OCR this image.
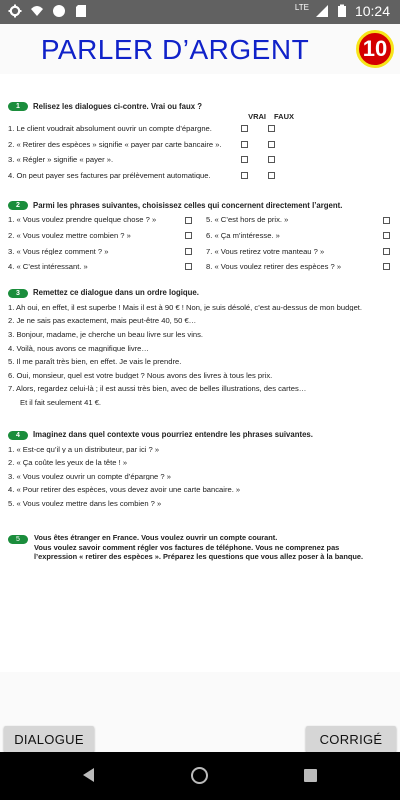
LTE	10:24
PARLER D’ARGENT	10
1	Relisez les dialogues ci-contre. Vrai ou faux ?
VRAI FAUX
1. Le client voudrait absolument ouvrir un compte d’épargne.
2. « Retirer des espèces » signifie « payer par carte bancaire ».
3. « Régler » signifie « payer ».
4. On peut payer ses factures par prélèvement automatique.
2	Parmi les phrases suivantes, choisissez celles qui concernent directement l’argent.
1. « Vous voulez prendre quelque chose ? »	5. « C’est hors de prix. »
2. « Vous voulez mettre combien ? »	6. « Ça m’intéresse. »
3. « Vous réglez comment ? »	7. « Vous retirez votre manteau ? »
4. « C’est intéressant. »	8. « Vous voulez retirer des espèces ? »
3	Remettez ce dialogue dans un ordre logique.
1. Ah oui, en effet, il est superbe ! Mais il est à 90 € ! Non, je suis désolé, c’est au-dessus de mon budget.
2. Je ne sais pas exactement, mais peut-être 40, 50 €…
3. Bonjour, madame, je cherche un beau livre sur les vins.
4. Voilà, nous avons ce magnifique livre…
5. Il me paraît très bien, en effet. Je vais le prendre.
6. Oui, monsieur, quel est votre budget ? Nous avons des livres à tous les prix.
7. Alors, regardez celui-là ; il est aussi très bien, avec de belles illustrations, des cartes…
Et il fait seulement 41 €.
4	Imaginez dans quel contexte vous pourriez entendre les phrases suivantes.
1. « Est-ce qu’il y a un distributeur, par ici ? »
2. « Ça coûte les yeux de la tête ! »
3. « Vous voulez ouvrir un compte d’épargne ? »
4. « Pour retirer des espèces, vous devez avoir une carte bancaire. »
5. « Vous voulez mettre dans les combien ? »
5	Vous êtes étranger en France. Vous voulez ouvrir un compte courant.
Vous voulez savoir comment régler vos factures de téléphone. Vous ne comprenez pas
l’expression « retirer des espèces ». Préparez les questions que vous allez poser à la banque.
DIALOGUE	CORRIGÉ
